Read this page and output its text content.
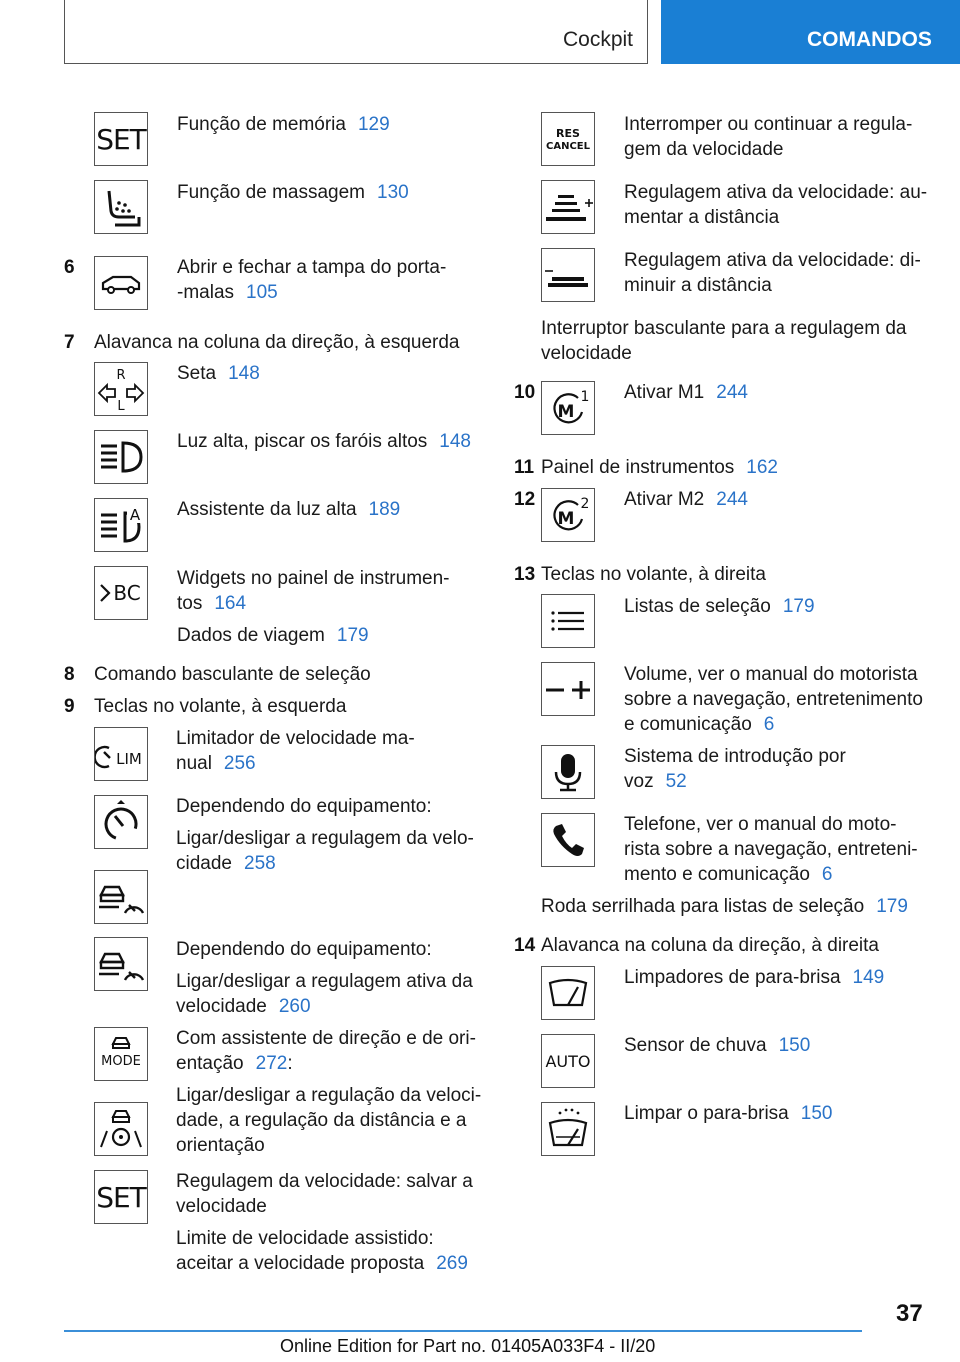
Cockpit	COMANDOS
SET Função de memória 129
Função de massagem 130
6	Abrir e fechar a tampa do porta-
-malas 105
7 Alavanca na coluna da direção, à esquerda
R
L
Seta 148
Luz alta, piscar os faróis altos 148
A Assistente da luz alta 189
BC
Widgets no painel de instrumen-
tos 164
Dados de viagem 179
8 Comando basculante de seleção
9 Teclas no volante, à esquerda
LIM
Limitador de velocidade ma-
nual 256
Dependendo do equipamento:
Ligar/desligar a regulagem da velo-
cidade 258
Dependendo do equipamento:
Ligar/desligar a regulagem ativa da
velocidade 260
MODE
Com assistente de direção e de ori-
entação 272:
Ligar/desligar a regulação da veloci-
dade, a regulação da distância e a
orientação
SET Regulagem da velocidade: salvar a
velocidade
Limite de velocidade assistido:
aceitar a velocidade proposta 269
RES
CANCEL
Interromper ou continuar a regula-
gem da velocidade
Regulagem ativa da velocidade: au-
mentar a distância
Regulagem ativa da velocidade: di-
minuir a distância
Interruptor basculante para a regulagem da
velocidade
10
M
1 Ativar M1 244
11 Painel de instrumentos 162
12
M
2 Ativar M2 244
13 Teclas no volante, à direita
Listas de seleção 179
Volume, ver o manual do motorista
sobre a navegação, entretenimento
e comunicação 6
Sistema de introdução por
voz 52
Telefone, ver o manual do moto-
rista sobre a navegação, entreteni-
mento e comunicação 6
Roda serrilhada para listas de seleção 179
14 Alavanca na coluna da direção, à direita
Limpadores de para-brisa 149
AUTO
Sensor de chuva 150
Limpar o para-brisa 150
37
Online Edition for Part no. 01405A033F4 - II/20
